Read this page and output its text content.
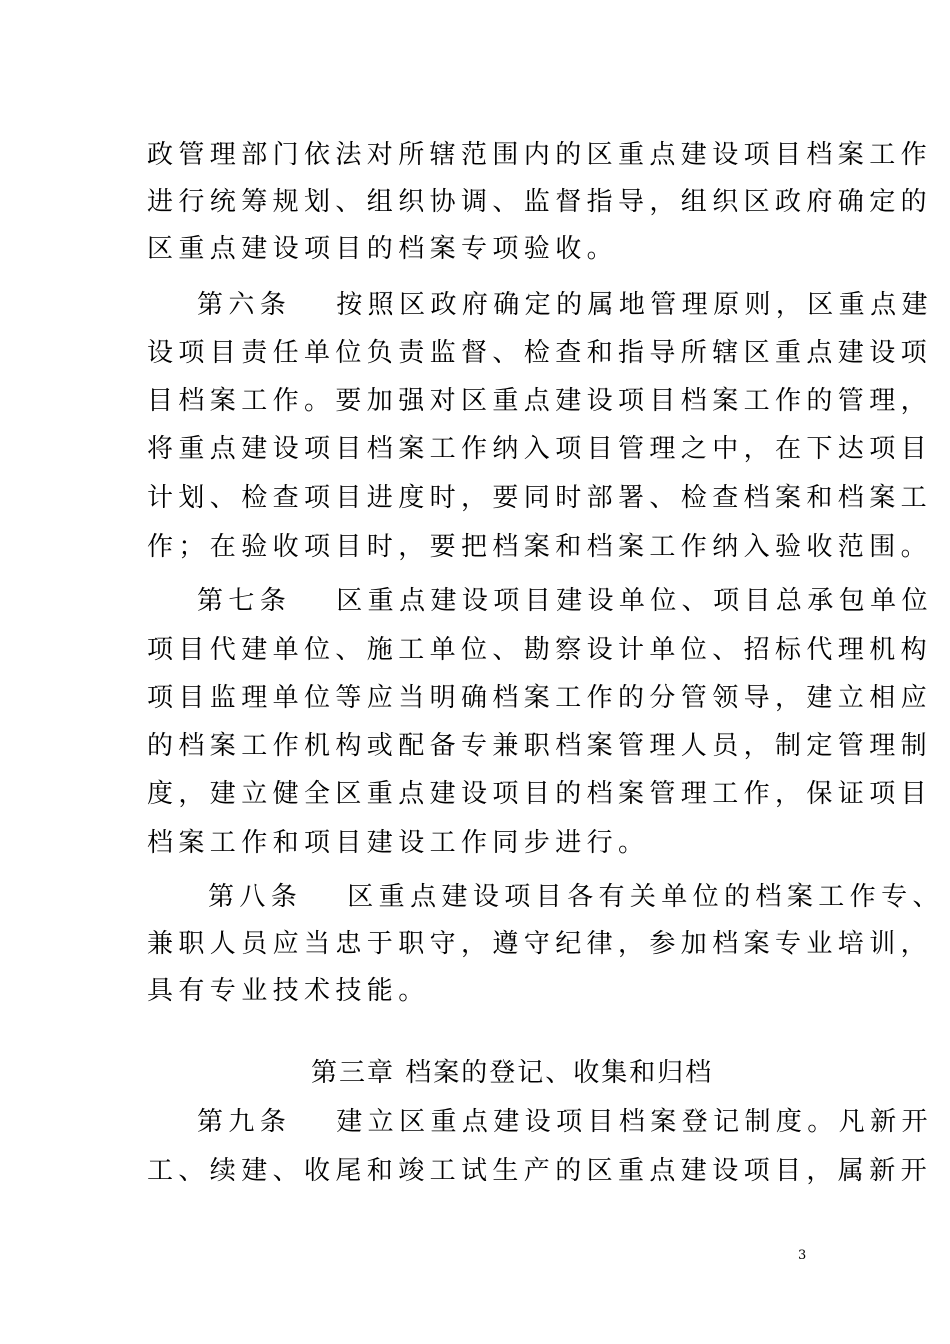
政管理部门依法对所辖范围内的区重点建设项目档案工作
进行统筹规划、组织协调、监督指导，组织区政府确定的
区重点建设项目的档案专项验收。
第六条　 按照区政府确定的属地管理原则，区重点建
设项目责任单位负责监督、检查和指导所辖区重点建设项
目档案工作。要加强对区重点建设项目档案工作的管理，
将重点建设项目档案工作纳入项目管理之中，在下达项目
计划、检查项目进度时，要同时部署、检查档案和档案工
作；在验收项目时，要把档案和档案工作纳入验收范围。
第七条　 区重点建设项目建设单位、项目总承包单位
项目代建单位、施工单位、勘察设计单位、招标代理机构
项目监理单位等应当明确档案工作的分管领导，建立相应
的档案工作机构或配备专兼职档案管理人员，制定管理制
度，建立健全区重点建设项目的档案管理工作，保证项目
档案工作和项目建设工作同步进行。
第八条　 区重点建设项目各有关单位的档案工作专、
兼职人员应当忠于职守，遵守纪律，参加档案专业培训，
具有专业技术技能。
第三章 档案的登记、收集和归档
第九条　 建立区重点建设项目档案登记制度。凡新开
工、续建、收尾和竣工试生产的区重点建设项目，属新开
3
